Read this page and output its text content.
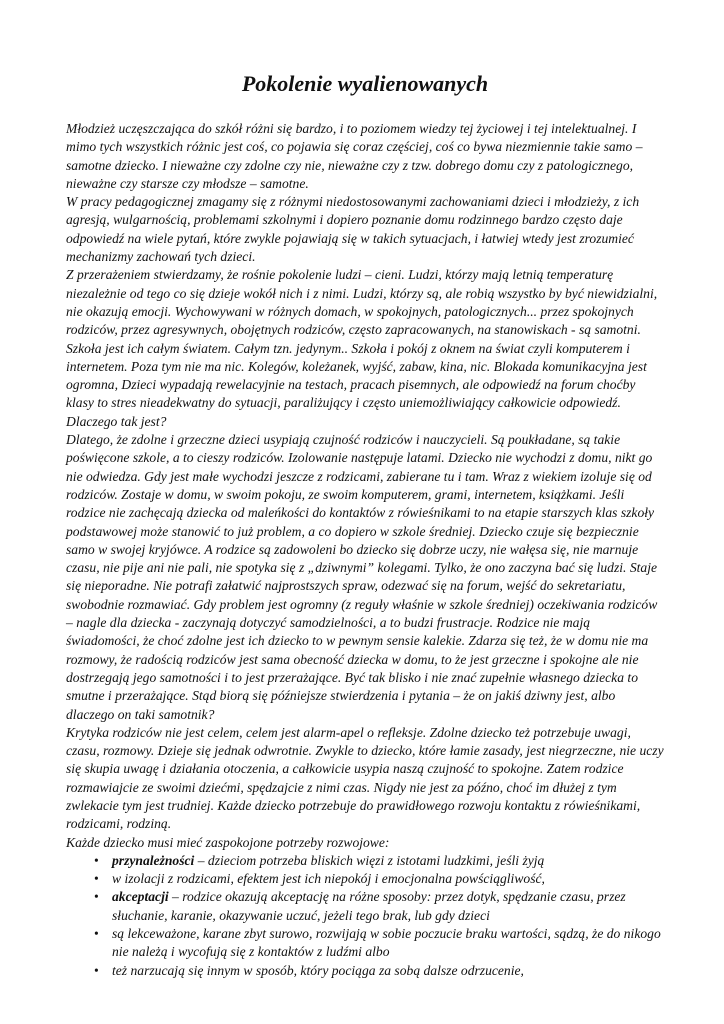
Pokolenie wyalienowanych

Młodzież uczęszczająca do szkół różni się bardzo, i to poziomem wiedzy tej życiowej i tej intelektualnej. I mimo tych wszystkich różnic jest coś, co pojawia się coraz częściej, coś co bywa niezmiennie takie samo – samotne dziecko. I nieważne czy zdolne czy nie, nieważne czy z tzw. dobrego domu czy z patologicznego, nieważne czy starsze czy młodsze – samotne.

W pracy pedagogicznej zmagamy się z różnymi niedostosowanymi zachowaniami dzieci i młodzieży, z ich agresją, wulgarnością, problemami szkolnymi i dopiero poznanie domu rodzinnego bardzo często daje odpowiedź na wiele pytań, które zwykle pojawiają się w takich sytuacjach, i łatwiej wtedy jest zrozumieć mechanizmy zachowań tych dzieci.

Z przerażeniem stwierdzamy, że rośnie pokolenie ludzi – cieni. Ludzi, którzy mają letnią temperaturę niezależnie od tego co się dzieje wokół nich i z nimi. Ludzi, którzy są, ale robią wszystko by być niewidzialni, nie okazują emocji. Wychowywani w różnych domach, w spokojnych, patologicznych... przez spokojnych rodziców, przez agresywnych, obojętnych rodziców, często zapracowanych, na stanowiskach - są samotni. Szkoła jest ich całym światem. Całym tzn. jedynym.. Szkoła i pokój z oknem na świat czyli komputerem i internetem. Poza tym nie ma nic. Kolegów, koleżanek, wyjść, zabaw, kina, nic. Blokada komunikacyjna jest ogromna, Dzieci wypadają rewelacyjnie na testach, pracach pisemnych, ale odpowiedź na forum choćby klasy to stres nieadekwatny do sytuacji, paraliżujący i często uniemożliwiający całkowicie odpowiedź.

Dlaczego tak jest?

Dlatego, że zdolne i grzeczne dzieci usypiają czujność rodziców i nauczycieli. Są poukładane, są takie poświęcone szkole, a to cieszy rodziców. Izolowanie następuje latami. Dziecko nie wychodzi z domu, nikt go nie odwiedza. Gdy jest małe wychodzi jeszcze z rodzicami, zabierane tu i tam. Wraz z wiekiem izoluje się od rodziców. Zostaje w domu, w swoim pokoju, ze swoim komputerem, grami, internetem, książkami. Jeśli rodzice nie zachęcają dziecka od maleńkości do kontaktów z rówieśnikami to na etapie starszych klas szkoły podstawowej może stanowić to już problem, a co dopiero w szkole średniej. Dziecko czuje się bezpiecznie samo w swojej kryjówce. A rodzice są zadowoleni bo dziecko się dobrze uczy, nie wałęsa się, nie marnuje czasu, nie pije ani nie pali, nie spotyka się z „dziwnymi” kolegami. Tylko, że ono zaczyna bać się ludzi. Staje się nieporadne. Nie potrafi załatwić najprostszych spraw, odezwać się na forum, wejść do sekretariatu, swobodnie rozmawiać. Gdy problem jest ogromny (z reguły właśnie w szkole średniej) oczekiwania rodziców – nagle dla dziecka - zaczynają dotyczyć samodzielności, a to budzi frustracje. Rodzice nie mają świadomości, że choć zdolne jest ich dziecko to w pewnym sensie kalekie. Zdarza się też, że w domu nie ma rozmowy, że radością rodziców jest sama obecność dziecka w domu, to że jest grzeczne i spokojne ale nie dostrzegają jego samotności i to jest przerażające. Być tak blisko i nie znać zupełnie własnego dziecka to smutne i przerażające. Stąd biorą się późniejsze stwierdzenia i pytania – że on jakiś dziwny jest, albo dlaczego on taki samotnik?

Krytyka rodziców nie jest celem, celem jest alarm-apel o refleksje. Zdolne dziecko też potrzebuje uwagi, czasu, rozmowy. Dzieje się jednak odwrotnie. Zwykle to dziecko, które łamie zasady, jest niegrzeczne, nie uczy się skupia uwagę i działania otoczenia, a całkowicie usypia naszą czujność to spokojne. Zatem rodzice rozmawiajcie ze swoimi dziećmi, spędzajcie z nimi czas. Nigdy nie jest za późno, choć im dłużej z tym zwlekacie tym jest trudniej. Każde dziecko potrzebuje do prawidłowego rozwoju kontaktu z rówieśnikami, rodzicami, rodziną.

Każde dziecko musi mieć zaspokojone potrzeby rozwojowe:

• przynależności – dzieciom potrzeba bliskich więzi z istotami ludzkimi, jeśli żyją
• w izolacji z rodzicami, efektem jest ich niepokój i emocjonalna powściągliwość,
• akceptacji – rodzice okazują akceptację na różne sposoby: przez dotyk, spędzanie czasu, przez słuchanie, karanie, okazywanie uczuć, jeżeli tego brak, lub gdy dzieci
• są lekceważone, karane zbyt surowo, rozwijają w sobie poczucie braku wartości, sądzą, że do nikogo nie należą i wycofują się z kontaktów z ludźmi albo
• też narzucają się innym w sposób, który pociąga za sobą dalsze odrzucenie,
